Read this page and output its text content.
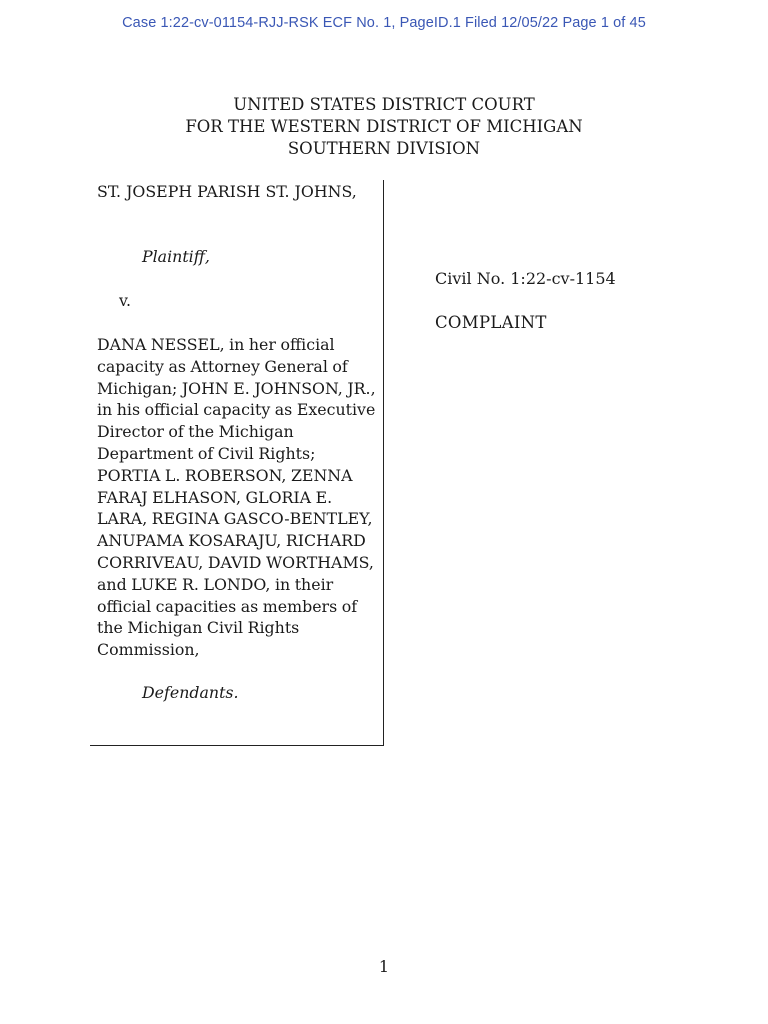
Case 1:22-cv-01154-RJJ-RSK ECF No. 1, PageID.1 Filed 12/05/22 Page 1 of 45
UNITED STATES DISTRICT COURT
FOR THE WESTERN DISTRICT OF MICHIGAN
SOUTHERN DIVISION

ST. JOSEPH PARISH ST. JOHNS,

Plaintiff,

v.

DANA NESSEL, in her official capacity as Attorney General of Michigan; JOHN E. JOHNSON, JR., in his official capacity as Executive Director of the Michigan Department of Civil Rights; PORTIA L. ROBERSON, ZENNA FARAJ ELHASON, GLORIA E. LARA, REGINA GASCO-BENTLEY, ANUPAMA KOSARAJU, RICHARD CORRIVEAU, DAVID WORTHAMS, and LUKE R. LONDO, in their official capacities as members of the Michigan Civil Rights Commission,

Defendants.

Civil No. 1:22-cv-1154
COMPLAINT
1
